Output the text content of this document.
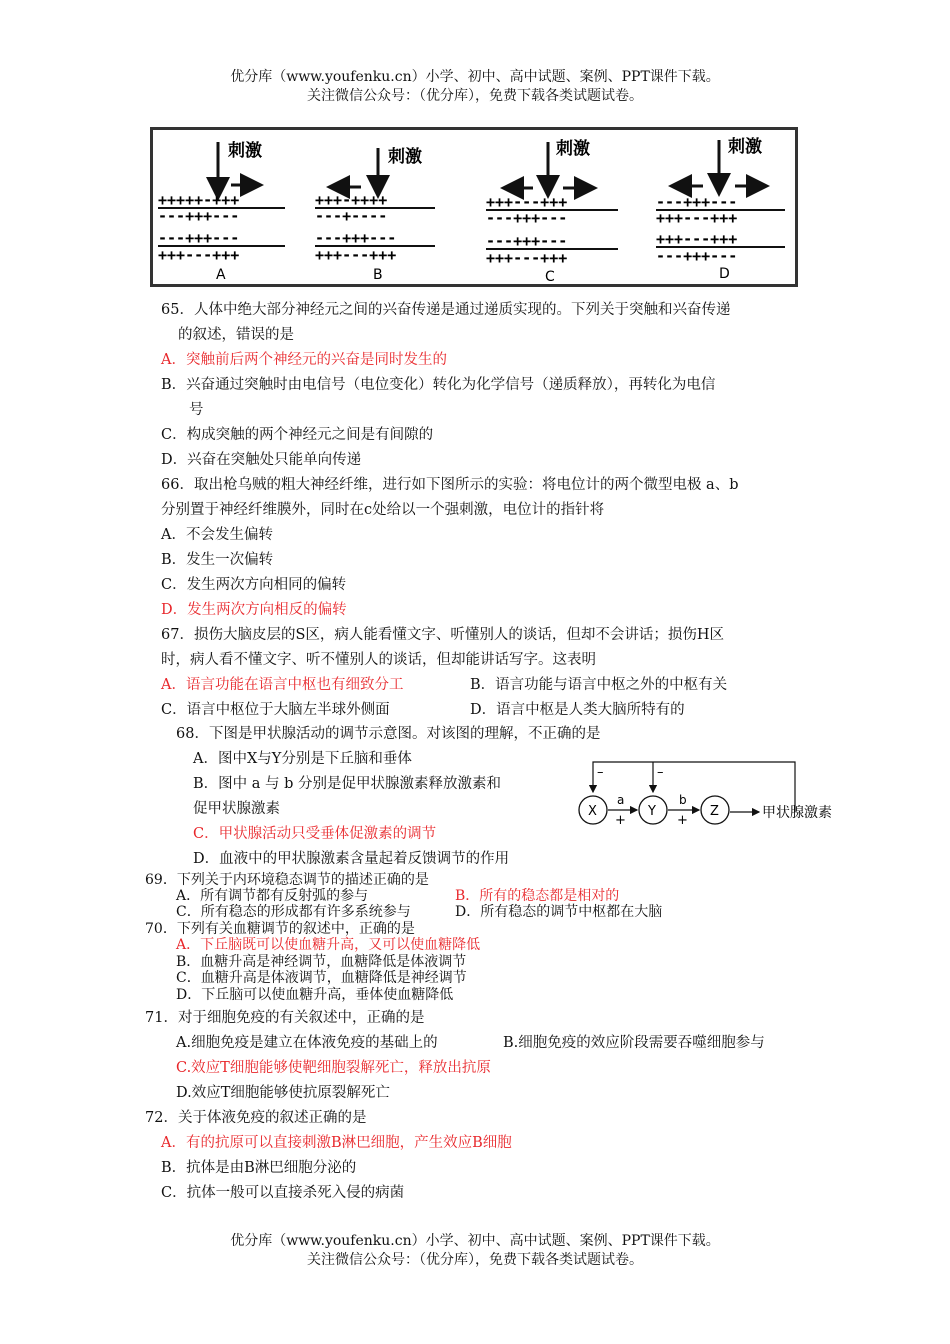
优分库（www.youfenku.cn）小学、初中、高中试题、案例、PPT课件下载。
关注微信公众号：（优分库），免费下载各类试题试卷。
刺激
+++++-+++
---+++---
---+++---
+++---+++
A
刺激
+++-++++
---+----
---+++---
+++---+++
B
刺激
+++---+++
---+++---
---+++---
+++---+++
C
刺激
---+++---
+++---+++
+++---+++
---+++---
D
65．人体中绝大部分神经元之间的兴奋传递是通过递质实现的。下列关于突触和兴奋传递
的叙述，错误的是
A．突触前后两个神经元的兴奋是同时发生的
B．兴奋通过突触时由电信号（电位变化）转化为化学信号（递质释放），再转化为电信
号
C．构成突触的两个神经元之间是有间隙的
D．兴奋在突触处只能单向传递
66．取出枪乌贼的粗大神经纤维，进行如下图所示的实验：将电位计的两个微型电极 a、b
分别置于神经纤维膜外，同时在c处给以一个强刺激，电位计的指针将
A．不会发生偏转
B．发生一次偏转
C．发生两次方向相同的偏转
D．发生两次方向相反的偏转
67．损伤大脑皮层的S区，病人能看懂文字、听懂别人的谈话，但却不会讲话；损伤H区
时，病人看不懂文字、听不懂别人的谈话，但却能讲话写字。这表明
A．语言功能在语言中枢也有细致分工	B．语言功能与语言中枢之外的中枢有关
C．语言中枢位于大脑左半球外侧面	D．语言中枢是人类大脑所特有的
68．下图是甲状腺活动的调节示意图。对该图的理解，不正确的是
A．图中X与Y分别是下丘脑和垂体
B．图中 a 与 b 分别是促甲状腺激素释放激素和
促甲状腺激素
C．甲状腺活动只受垂体促激素的调节
D．血液中的甲状腺激素含量起着反馈调节的作用
–	–
X	Y	Z
a
+
b
+	甲状腺激素
69．下列关于内环境稳态调节的描述正确的是
A．所有调节都有反射弧的参与	B．所有的稳态都是相对的
C．所有稳态的形成都有许多系统参与	D．所有稳态的调节中枢都在大脑
70．下列有关血糖调节的叙述中，正确的是
A．下丘脑既可以使血糖升高，又可以使血糖降低
B．血糖升高是神经调节，血糖降低是体液调节
C．血糖升高是体液调节，血糖降低是神经调节
D．下丘脑可以使血糖升高，垂体使血糖降低
71．对于细胞免疫的有关叙述中，正确的是
A.细胞免疫是建立在体液免疫的基础上的	B.细胞免疫的效应阶段需要吞噬细胞参与
C.效应T细胞能够使靶细胞裂解死亡，释放出抗原
D.效应T细胞能够使抗原裂解死亡
72．关于体液免疫的叙述正确的是
A．有的抗原可以直接刺激B淋巴细胞，产生效应B细胞
B．抗体是由B淋巴细胞分泌的
C．抗体一般可以直接杀死入侵的病菌
优分库（www.youfenku.cn）小学、初中、高中试题、案例、PPT课件下载。
关注微信公众号：（优分库），免费下载各类试题试卷。
